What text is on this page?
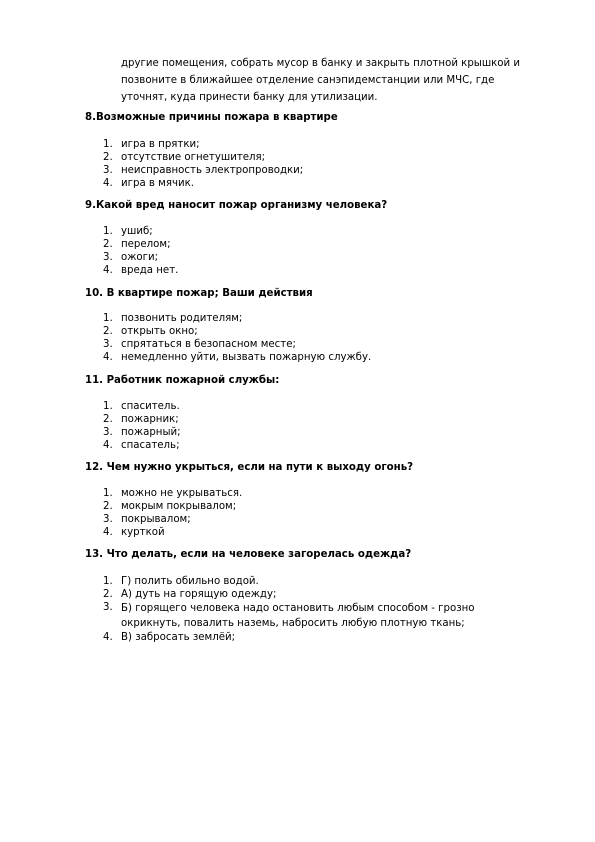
другие помещения, собрать мусор в банку и закрыть плотной крышкой и
позвоните в ближайшее отделение санэпидемстанции или МЧС, где
уточнят, куда принести банку для утилизации.

8.Возможные причины пожара в квартире

1. игра в прятки;
2. отсутствие огнетушителя;
3. неисправность электропроводки;
4. игра в мячик.

9.Какой вред наносит пожар организму человека?

1. ушиб;
2. перелом;
3. ожоги;
4. вреда нет.

10. В квартире пожар; Ваши действия

1. позвонить родителям;
2. открыть окно;
3. спрятаться в безопасном месте;
4. немедленно уйти, вызвать пожарную службу.

11. Работник пожарной службы:

1. спаситель.
2. пожарник;
3. пожарный;
4. спасатель;

12. Чем нужно укрыться, если на пути к выходу огонь?

1. можно не укрываться.
2. мокрым покрывалом;
3. покрывалом;
4. курткой

13. Что делать, если на человеке загорелась одежда?

1. Г) полить обильно водой.
2. А) дуть на горящую одежду;
3. Б) горящего человека надо остановить любым способом - грозно окрикнуть, повалить наземь, набросить любую плотную ткань;
4. В) забросать землёй;
